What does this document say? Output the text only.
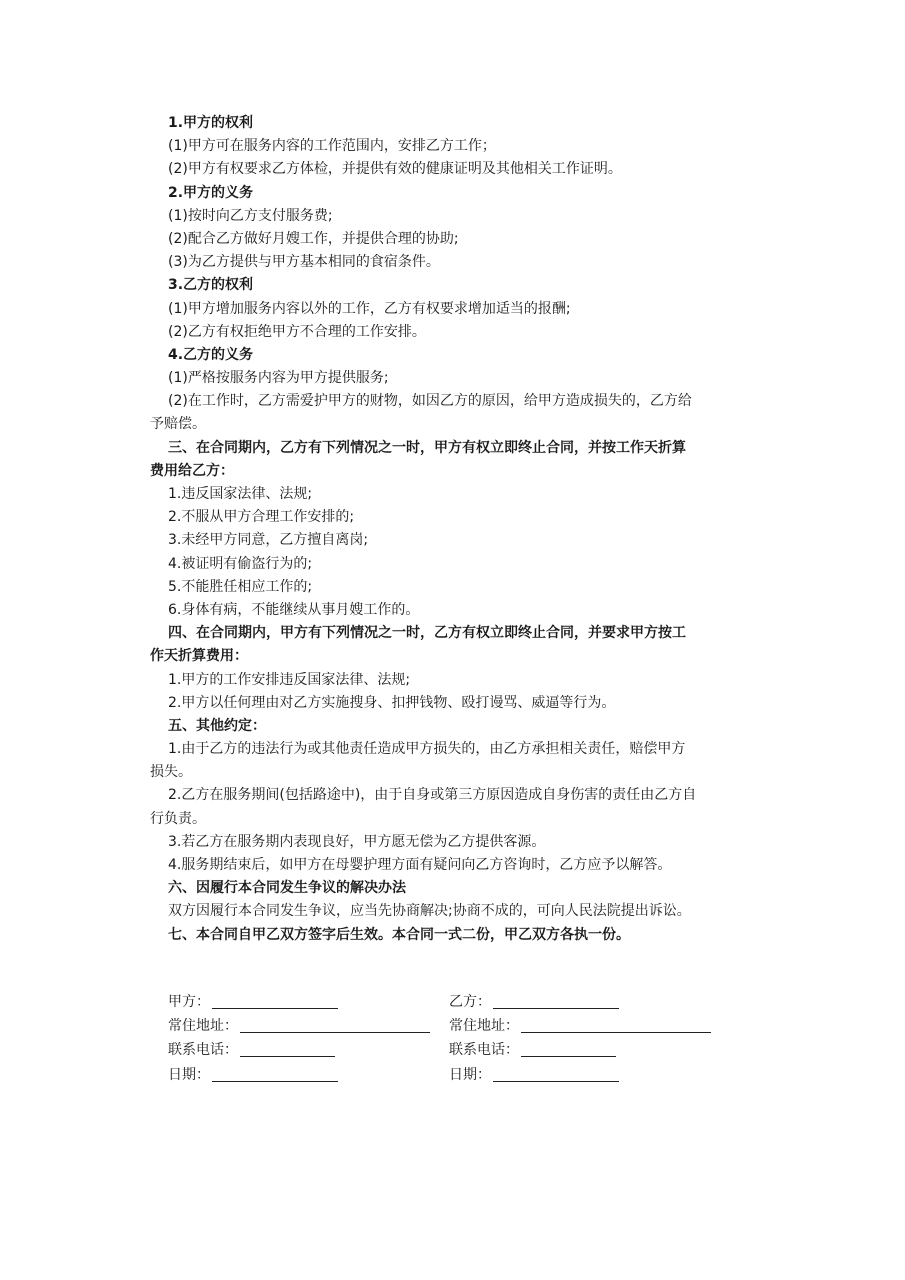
1.甲方的权利
(1)甲方可在服务内容的工作范围内，安排乙方工作；
(2)甲方有权要求乙方体检，并提供有效的健康证明及其他相关工作证明。
2.甲方的义务
(1)按时向乙方支付服务费;
(2)配合乙方做好月嫂工作，并提供合理的协助;
(3)为乙方提供与甲方基本相同的食宿条件。
3.乙方的权利
(1)甲方增加服务内容以外的工作，乙方有权要求增加适当的报酬;
(2)乙方有权拒绝甲方不合理的工作安排。
4.乙方的义务
(1)严格按服务内容为甲方提供服务;
(2)在工作时，乙方需爱护甲方的财物，如因乙方的原因，给甲方造成损失的，乙方给
予赔偿。
三、在合同期内，乙方有下列情况之一时，甲方有权立即终止合同，并按工作天折算
费用给乙方：
1.违反国家法律、法规;
2.不服从甲方合理工作安排的;
3.未经甲方同意，乙方擅自离岗;
4.被证明有偷盗行为的;
5.不能胜任相应工作的;
6.身体有病，不能继续从事月嫂工作的。
四、在合同期内，甲方有下列情况之一时，乙方有权立即终止合同，并要求甲方按工
作天折算费用：
1.甲方的工作安排违反国家法律、法规;
2.甲方以任何理由对乙方实施搜身、扣押钱物、殴打谩骂、威逼等行为。
五、其他约定：
1.由于乙方的违法行为或其他责任造成甲方损失的，由乙方承担相关责任，赔偿甲方
损失。
2.乙方在服务期间(包括路途中)，由于自身或第三方原因造成自身伤害的责任由乙方自
行负责。
3.若乙方在服务期内表现良好，甲方愿无偿为乙方提供客源。
4.服务期结束后，如甲方在母婴护理方面有疑问向乙方咨询时，乙方应予以解答。
六、因履行本合同发生争议的解决办法
双方因履行本合同发生争议，应当先协商解决;协商不成的，可向人民法院提出诉讼。
七、本合同自甲乙双方签字后生效。本合同一式二份，甲乙双方各执一份。
甲方：	乙方：
常住地址：	常住地址：
联系电话：	联系电话：
日期：	日期：
